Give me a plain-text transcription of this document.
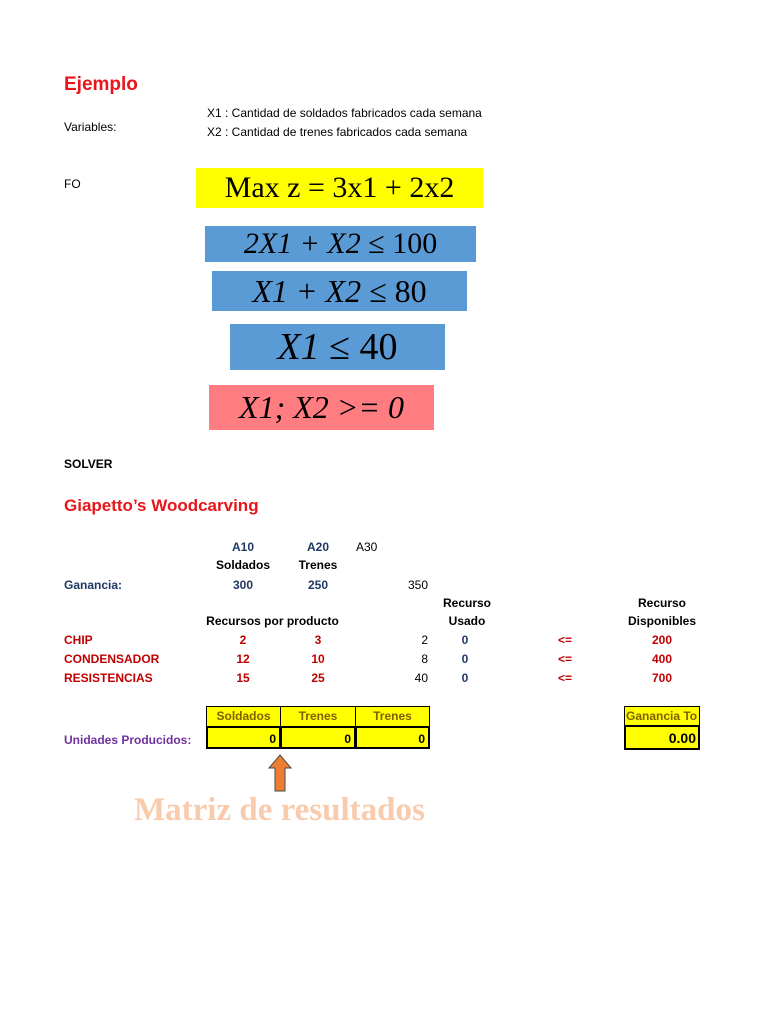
Ejemplo
Variables:
X1 : Cantidad de soldados fabricados cada semana
X2 : Cantidad de trenes fabricados cada semana
FO	Max z = 3x1 + 2x2
2X1 + X2 ≤ 100
X1 + X2 ≤ 80
X1 ≤ 40
X1; X2 >= 0
SOLVER
Giapetto’s Woodcarving
A10	A20	A30
Soldados	Trenes
Ganancia:	300	250	350
Recurso
Usado
Recurso
Disponibles
Recursos por producto
CHIP	2	3	2	0	<=	200
CONDENSADOR	12	10	8	0	<=	400
RESISTENCIAS	15	25	40	0	<=	700
Unidades Producidos:
Soldados	Trenes	Trenes
0	0	0
Ganancia To
0.00
Matriz de resultados
